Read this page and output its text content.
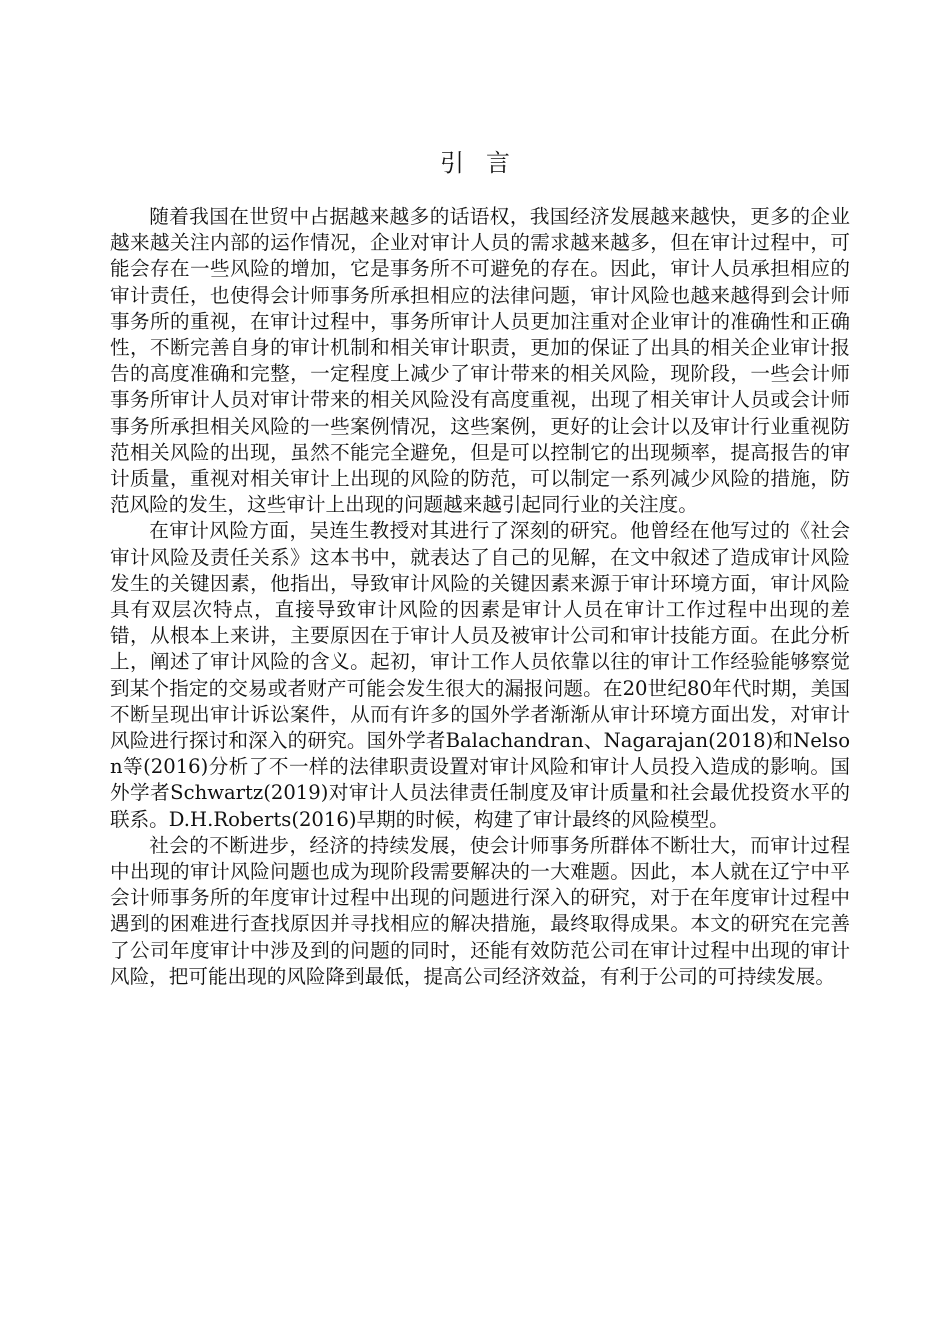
引言

随着我国在世贸中占据越来越多的话语权，我国经济发展越来越快，更多的企业越来越关注内部的运作情况，企业对审计人员的需求越来越多，但在审计过程中，可能会存在一些风险的增加，它是事务所不可避免的存在。因此，审计人员承担相应的审计责任，也使得会计师事务所承担相应的法律问题，审计风险也越来越得到会计师事务所的重视，在审计过程中，事务所审计人员更加注重对企业审计的准确性和正确性，不断完善自身的审计机制和相关审计职责，更加的保证了出具的相关企业审计报告的高度准确和完整，一定程度上减少了审计带来的相关风险，现阶段，一些会计师事务所审计人员对审计带来的相关风险没有高度重视，出现了相关审计人员或会计师事务所承担相关风险的一些案例情况，这些案例，更好的让会计以及审计行业重视防范相关风险的出现，虽然不能完全避免，但是可以控制它的出现频率，提高报告的审计质量，重视对相关审计上出现的风险的防范，可以制定一系列减少风险的措施，防范风险的发生，这些审计上出现的问题越来越引起同行业的关注度。

在审计风险方面，吴连生教授对其进行了深刻的研究。他曾经在他写过的《社会审计风险及责任关系》这本书中，就表达了自己的见解，在文中叙述了造成审计风险发生的关键因素，他指出，导致审计风险的关键因素来源于审计环境方面，审计风险具有双层次特点，直接导致审计风险的因素是审计人员在审计工作过程中出现的差错，从根本上来讲，主要原因在于审计人员及被审计公司和审计技能方面。在此分析上，阐述了审计风险的含义。起初，审计工作人员依靠以往的审计工作经验能够察觉到某个指定的交易或者财产可能会发生很大的漏报问题。在20世纪80年代时期，美国不断呈现出审计诉讼案件，从而有许多的国外学者渐渐从审计环境方面出发，对审计风险进行探讨和深入的研究。国外学者Balachandran、Nagarajan(2018)和Nelson等(2016)分析了不一样的法律职责设置对审计风险和审计人员投入造成的影响。国外学者Schwartz(2019)对审计人员法律责任制度及审计质量和社会最优投资水平的联系。D.H.Roberts(2016)早期的时候，构建了审计最终的风险模型。

社会的不断进步，经济的持续发展，使会计师事务所群体不断壮大，而审计过程中出现的审计风险问题也成为现阶段需要解决的一大难题。因此，本人就在辽宁中平会计师事务所的年度审计过程中出现的问题进行深入的研究，对于在年度审计过程中遇到的困难进行查找原因并寻找相应的解决措施，最终取得成果。本文的研究在完善了公司年度审计中涉及到的问题的同时，还能有效防范公司在审计过程中出现的审计风险，把可能出现的风险降到最低，提高公司经济效益，有利于公司的可持续发展。
